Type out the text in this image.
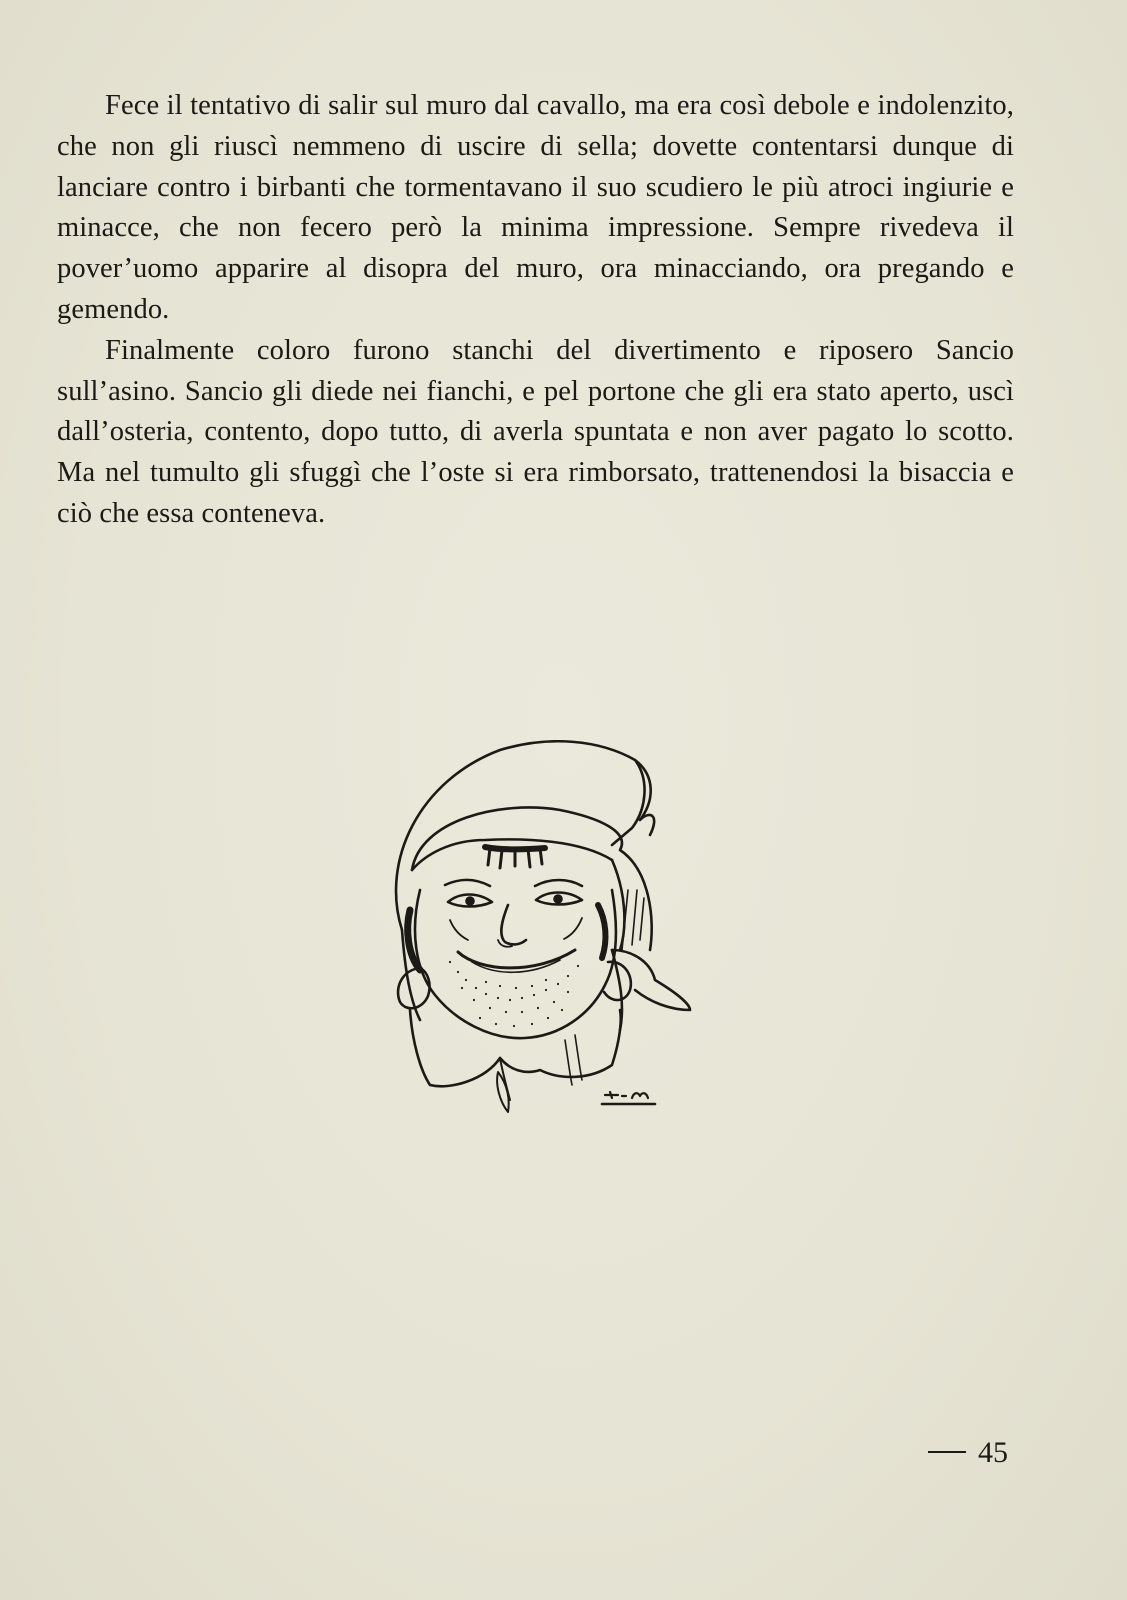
Fece il tentativo di salir sul muro dal cavallo, ma era così debole e indolenzito, che non gli riuscì nemmeno di uscire di sella; dovette contentarsi dunque di lanciare contro i birbanti che tormentavano il suo scudiero le più atroci ingiurie e minacce, che non fecero però la minima impressione. Sempre rivedeva il pover’uomo apparire al disopra del muro, ora minacciando, ora pregando e gemendo.

Finalmente coloro furono stanchi del divertimento e riposero Sancio sull’asino. Sancio gli diede nei fianchi, e pel portone che gli era stato aperto, uscì dall’osteria, contento, dopo tutto, di averla spuntata e non aver pagato lo scotto. Ma nel tumulto gli sfuggì che l’oste si era rimborsato, trattenendosi la bisaccia e ciò che essa conteneva.

45
